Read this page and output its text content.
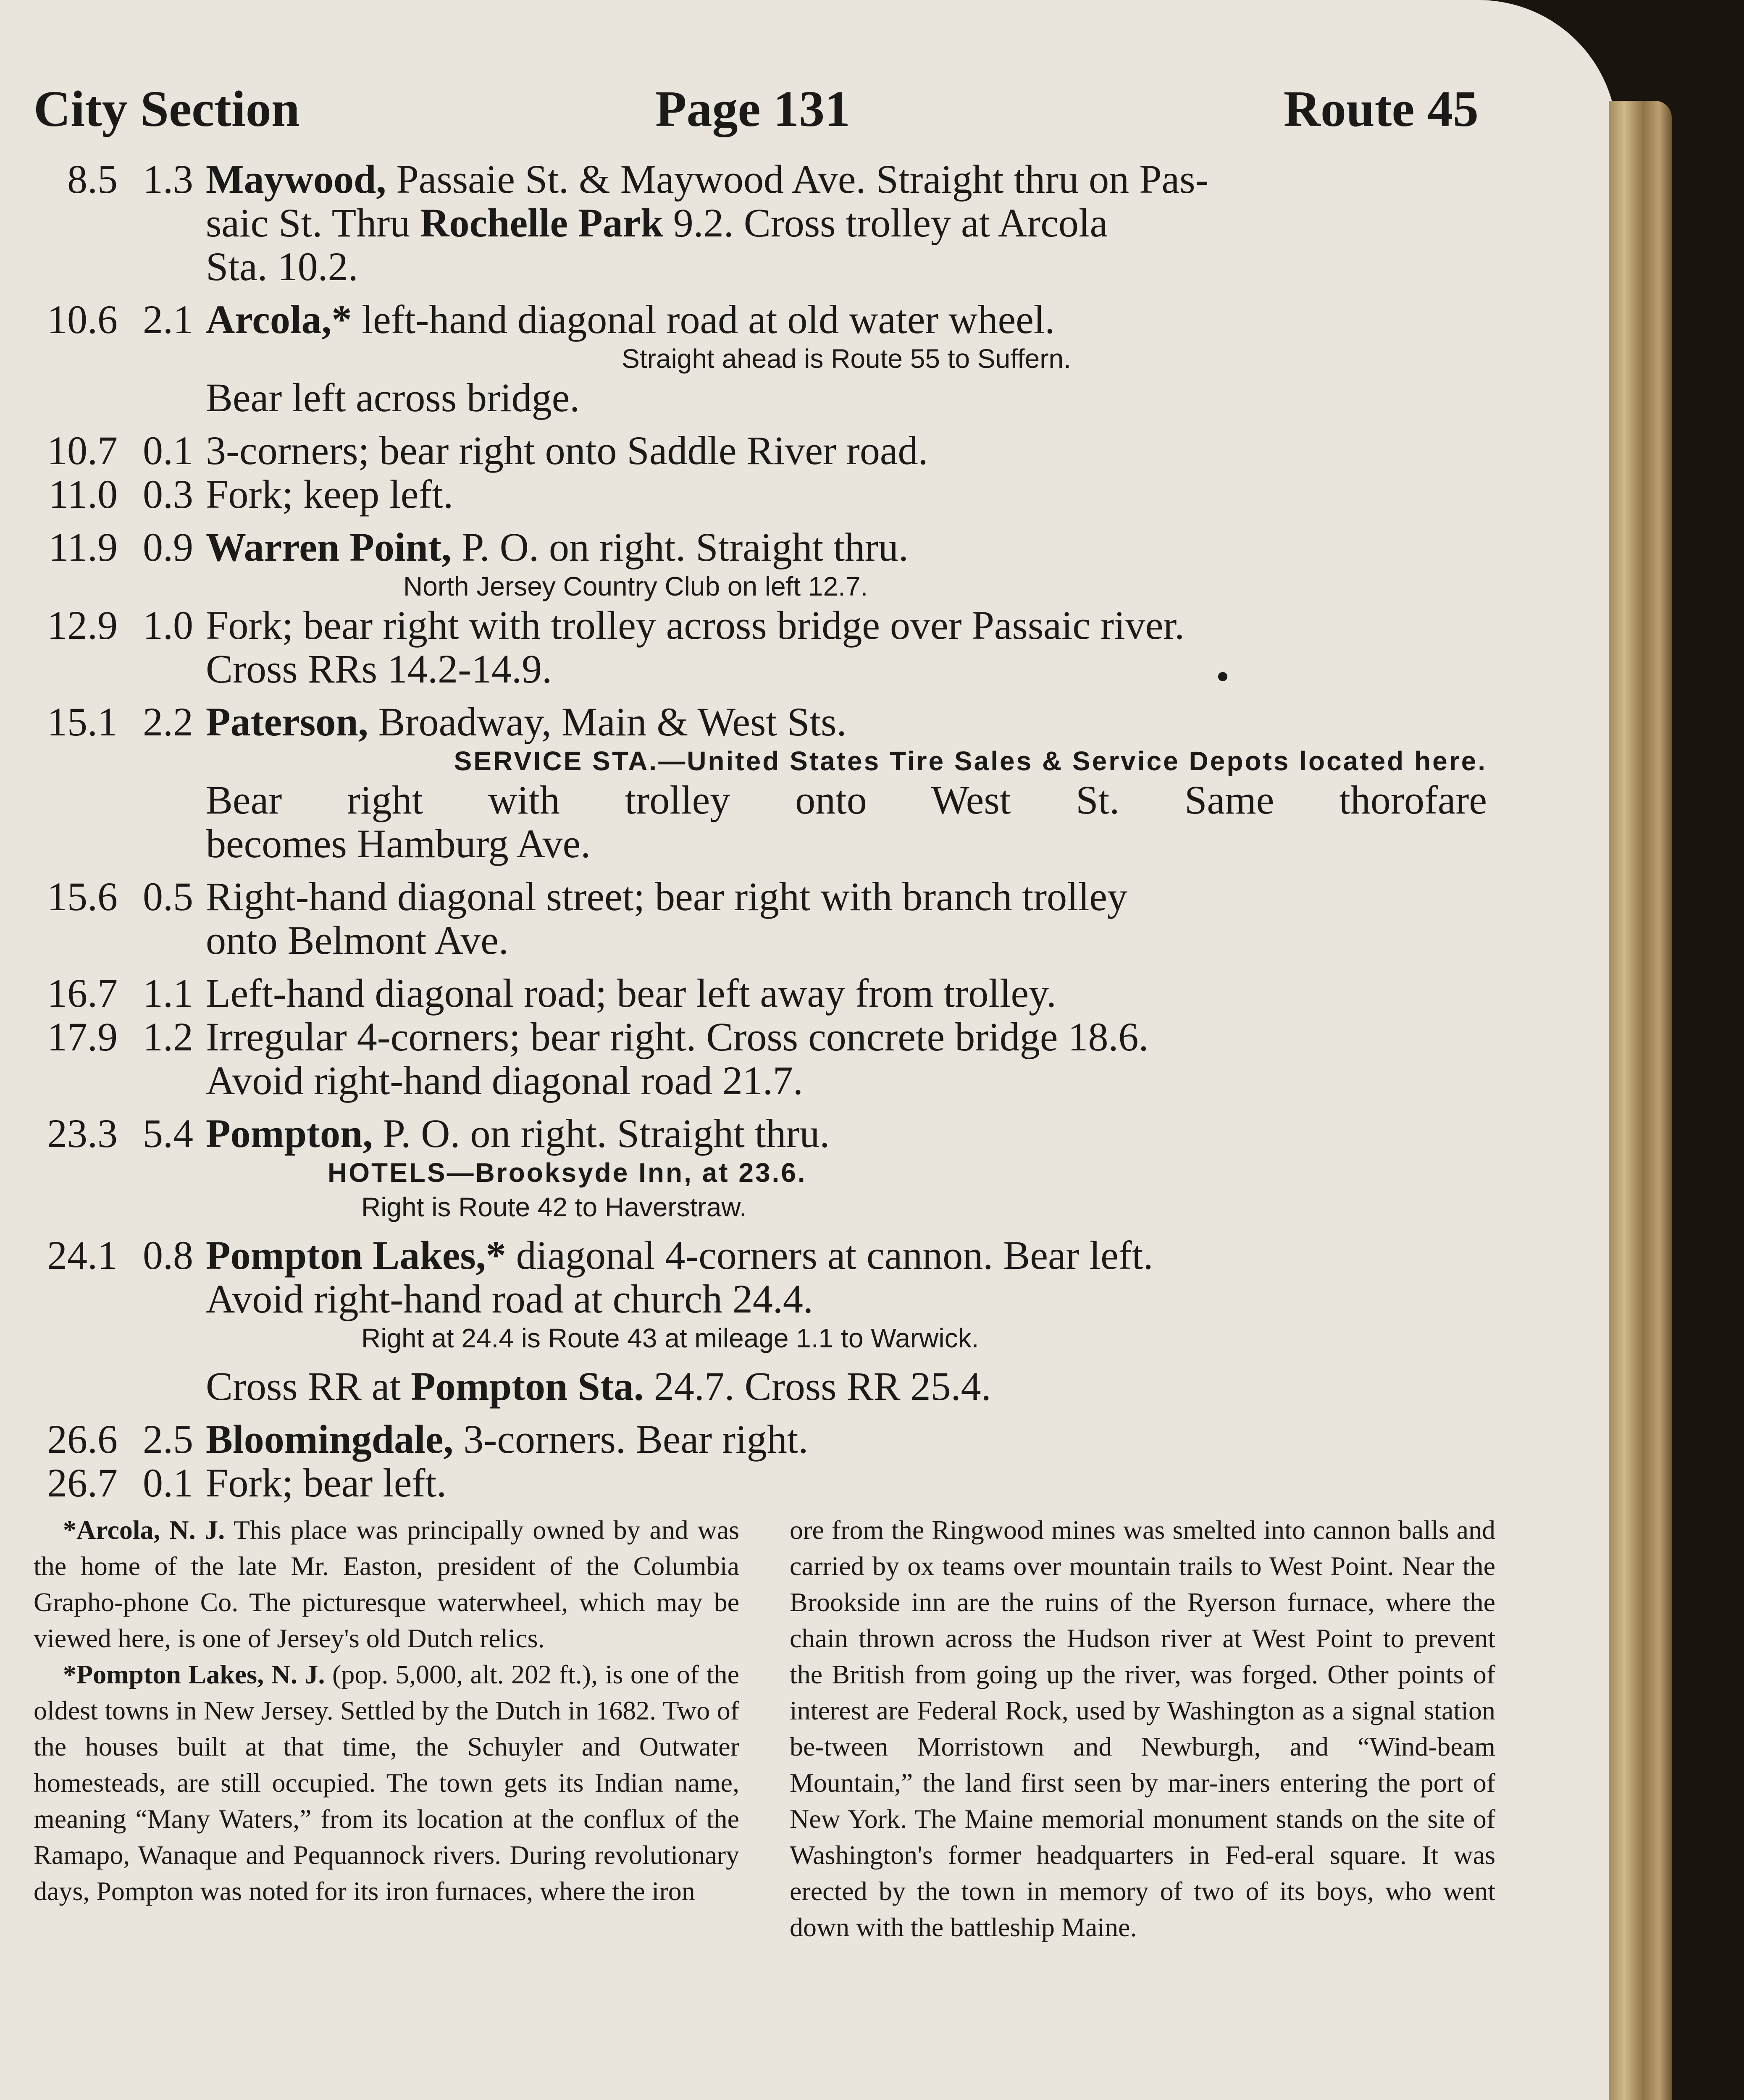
City Section	Page 131	Route 45
8.5 1.3 Maywood, Passaie St. & Maywood Ave. Straight thru on Pas-
saic St. Thru Rochelle Park 9.2. Cross trolley at Arcola
Sta. 10.2.
10.6 2.1 Arcola,* left-hand diagonal road at old water wheel.
Straight ahead is Route 55 to Suffern.
Bear left across bridge.
10.7 0.1 3-corners; bear right onto Saddle River road.
11.0 0.3 Fork; keep left.
11.9 0.9 Warren Point, P. O. on right. Straight thru.
North Jersey Country Club on left 12.7.
12.9 1.0 Fork; bear right with trolley across bridge over Passaic river.
Cross RRs 14.2-14.9.
15.1 2.2 Paterson, Broadway, Main & West Sts.
SERVICE STA.—United States Tire Sales & Service Depots located here.
Bear right with trolley onto West St. Same thorofare
becomes Hamburg Ave.
15.6 0.5 Right-hand diagonal street; bear right with branch trolley
onto Belmont Ave.
16.7 1.1 Left-hand diagonal road; bear left away from trolley.
17.9 1.2 Irregular 4-corners; bear right. Cross concrete bridge 18.6.
Avoid right-hand diagonal road 21.7.
23.3 5.4 Pompton, P. O. on right. Straight thru.
HOTELS—Brooksyde Inn, at 23.6.
Right is Route 42 to Haverstraw.
24.1 0.8 Pompton Lakes,* diagonal 4-corners at cannon. Bear left.
Avoid right-hand road at church 24.4.
Right at 24.4 is Route 43 at mileage 1.1 to Warwick.
Cross RR at Pompton Sta. 24.7. Cross RR 25.4.
26.6 2.5 Bloomingdale, 3-corners. Bear right.
26.7 0.1 Fork; bear left.

*Arcola, N. J. This place was principally owned by and was the home of the late Mr. Easton, president of the Columbia Grapho-phone Co. The picturesque waterwheel, which may be viewed here, is one of Jersey's old Dutch relics.

*Pompton Lakes, N. J. (pop. 5,000, alt. 202 ft.), is one of the oldest towns in New Jersey. Settled by the Dutch in 1682. Two of the houses built at that time, the Schuyler and Outwater homesteads, are still occupied. The town gets its Indian name, meaning “Many Waters,” from its location at the conflux of the Ramapo, Wanaque and Pequannock rivers. During revolutionary days, Pompton was noted for its iron furnaces, where the iron

ore from the Ringwood mines was smelted into cannon balls and carried by ox teams over mountain trails to West Point. Near the Brookside inn are the ruins of the Ryerson furnace, where the chain thrown across the Hudson river at West Point to prevent the British from going up the river, was forged. Other points of interest are Federal Rock, used by Washington as a signal station be-tween Morristown and Newburgh, and “Wind-beam Mountain,” the land first seen by mar-iners entering the port of New York. The Maine memorial monument stands on the site of Washington's former headquarters in Fed-eral square. It was erected by the town in memory of two of its boys, who went down with the battleship Maine.
